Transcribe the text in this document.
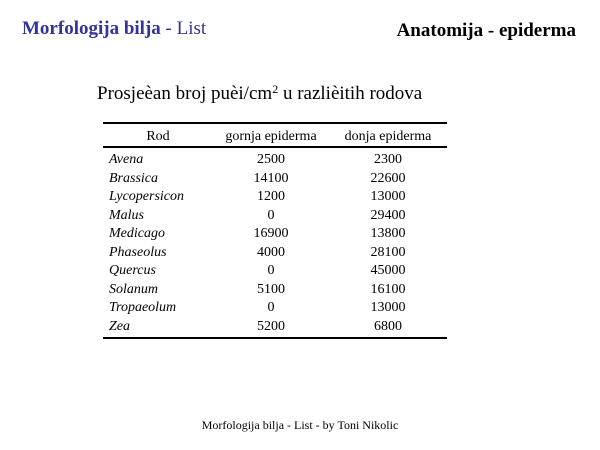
Morfologija bilja - List	Anatomija - epiderma
Prosjeèan broj puèi/$cm^2$ u razlièitih rodova
Rod	gornja epiderma	donja epiderma
Avena	2500	2300
Brassica	14100	22600
Lycopersicon	1200	13000
Malus	0	29400
Medicago	16900	13800
Phaseolus	4000	28100
Quercus	0	45000
Solanum	5100	16100
Tropaeolum	0	13000
Zea	5200	6800
Morfologija bilja - List - by Toni Nikolic
